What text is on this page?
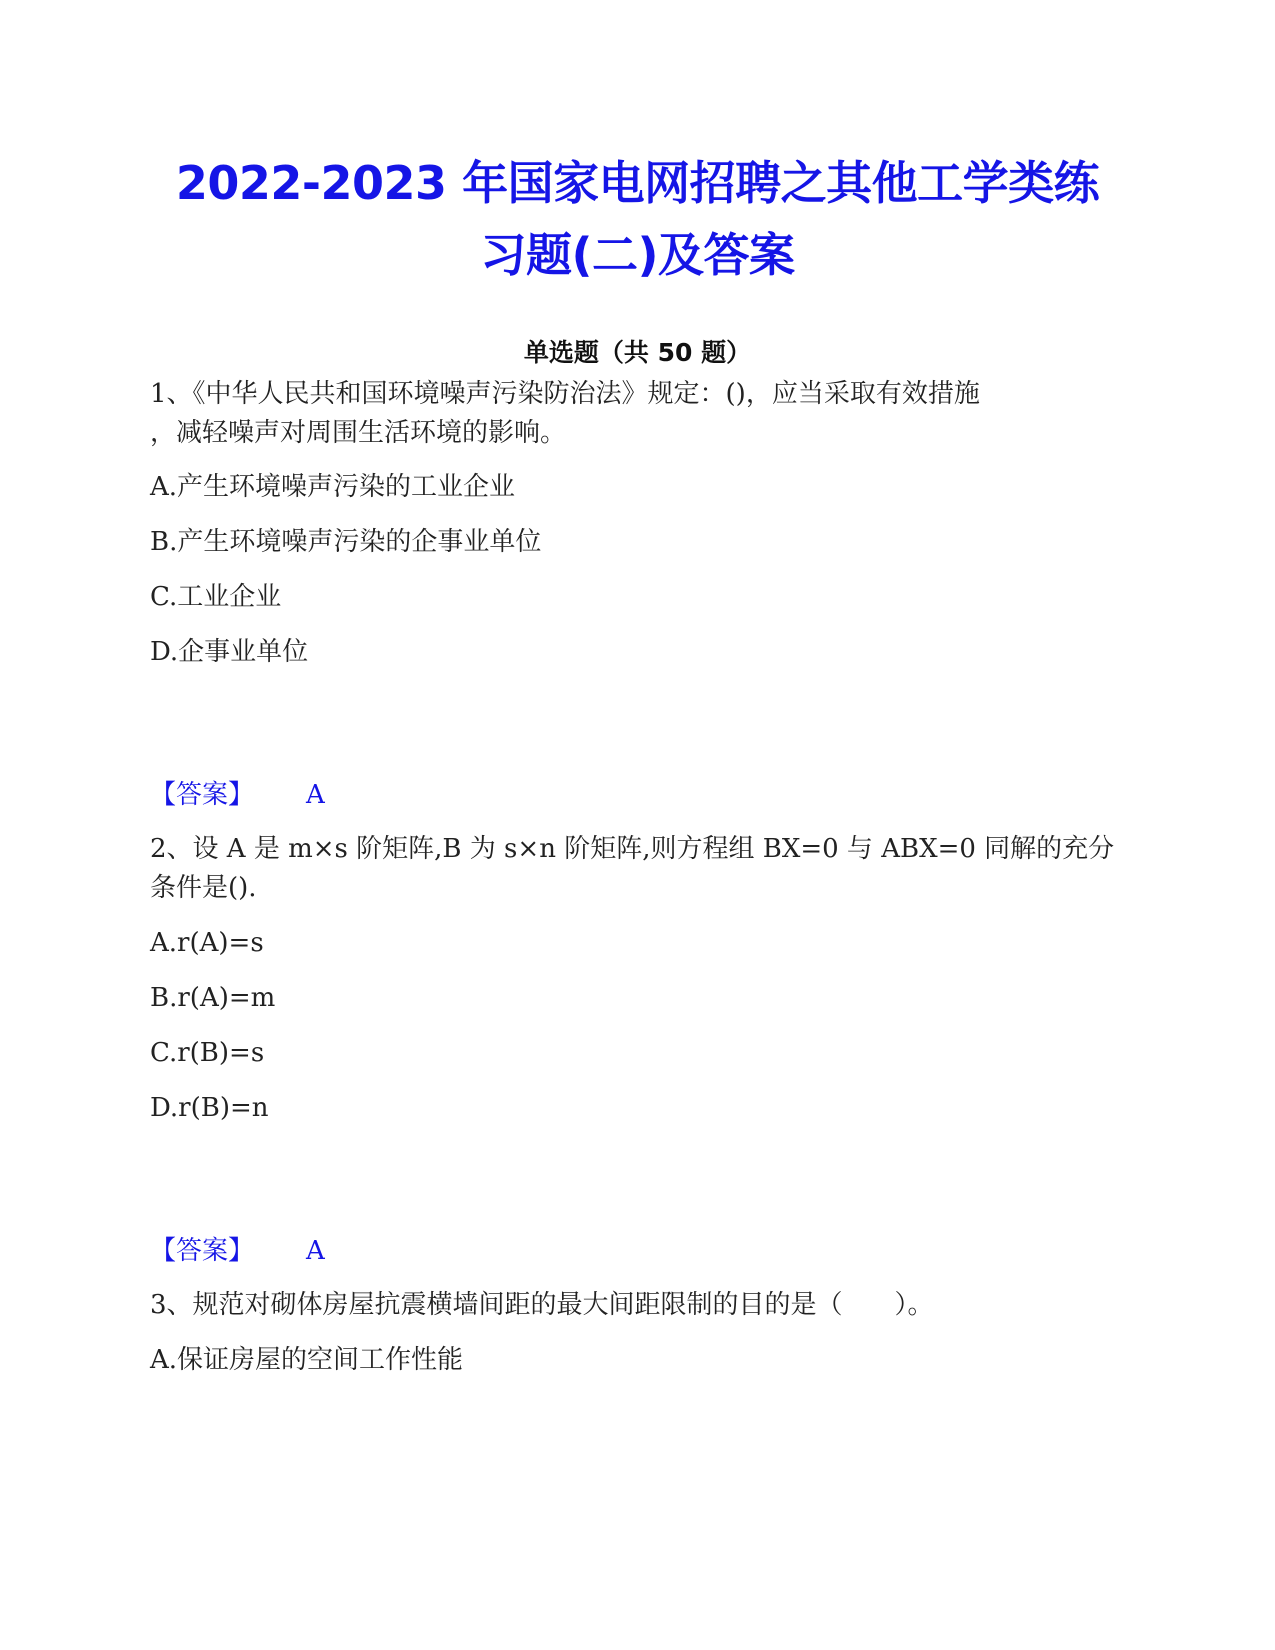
2022-2023 年国家电网招聘之其他工学类练
习题(二)及答案
单选题（共 50 题）
1、《中华人民共和国环境噪声污染防治法》规定：()，应当采取有效措施
，减轻噪声对周围生活环境的影响。
A.产生环境噪声污染的工业企业
B.产生环境噪声污染的企事业单位
C.工业企业
D.企事业单位
【答案】 A
2、设 A 是 m×s 阶矩阵,B 为 s×n 阶矩阵,则方程组 BX=0 与 ABX=0 同解的充分
条件是().
A.r(A)=s
B.r(A)=m
C.r(B)=s
D.r(B)=n
【答案】 A
3、规范对砌体房屋抗震横墙间距的最大间距限制的目的是（　　）。
A.保证房屋的空间工作性能
